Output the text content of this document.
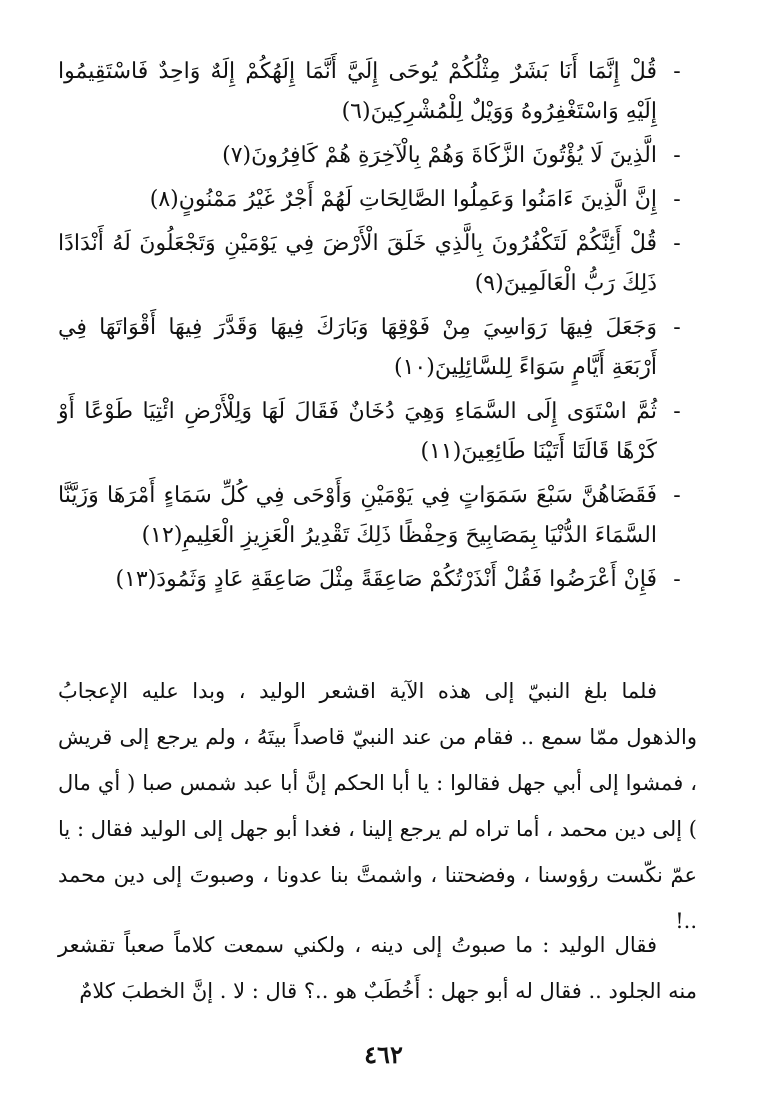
-
قُلْ إِنَّمَا أَنَا بَشَرٌ مِثْلُكُمْ يُوحَى إِلَيَّ أَنَّمَا إِلَهُكُمْ إِلَهٌ وَاحِدٌ فَاسْتَقِيمُوا إِلَيْهِ وَاسْتَغْفِرُوهُ وَوَيْلٌ لِلْمُشْرِكِينَ(٦)
-
الَّذِينَ لَا يُؤْتُونَ الزَّكَاةَ وَهُمْ بِالْآخِرَةِ هُمْ كَافِرُونَ(٧)
-
إِنَّ الَّذِينَ ءَامَنُوا وَعَمِلُوا الصَّالِحَاتِ لَهُمْ أَجْرٌ غَيْرُ مَمْنُونٍ(٨)
-
قُلْ أَئِنَّكُمْ لَتَكْفُرُونَ بِالَّذِي خَلَقَ الْأَرْضَ فِي يَوْمَيْنِ وَتَجْعَلُونَ لَهُ أَنْدَادًا ذَلِكَ رَبُّ الْعَالَمِينَ(٩)
-
وَجَعَلَ فِيهَا رَوَاسِيَ مِنْ فَوْقِهَا وَبَارَكَ فِيهَا وَقَدَّرَ فِيهَا أَقْوَاتَهَا فِي أَرْبَعَةِ أَيَّامٍ سَوَاءً لِلسَّائِلِينَ(١٠)
-
ثُمَّ اسْتَوَى إِلَى السَّمَاءِ وَهِيَ دُخَانٌ فَقَالَ لَهَا وَلِلْأَرْضِ ائْتِيَا طَوْعًا أَوْ كَرْهًا قَالَتَا أَتَيْنَا طَائِعِينَ(١١)
-
فَقَضَاهُنَّ سَبْعَ سَمَوَاتٍ فِي يَوْمَيْنِ وَأَوْحَى فِي كُلِّ سَمَاءٍ أَمْرَهَا وَزَيَّنَّا السَّمَاءَ الدُّنْيَا بِمَصَابِيحَ وَحِفْظًا ذَلِكَ تَقْدِيرُ الْعَزِيزِ الْعَلِيمِ(١٢)
-
فَإِنْ أَعْرَضُوا فَقُلْ أَنْذَرْتُكُمْ صَاعِقَةً مِثْلَ صَاعِقَةِ عَادٍ وَثَمُودَ(١٣)

فلما بلغ النبيّ إلى هذه الآية اقشعر الوليد ، وبدا عليه الإعجابُ والذهول ممّا سمع .. فقام من عند النبيّ قاصداً بيتَهُ ، ولم يرجع إلى قريش ، فمشوا إلى أبي جهل فقالوا : يا أبا الحكم إنَّ أبا عبد شمس صبا ( أي مال ) إلى دين محمد ، أما تراه لم يرجع إلينا ، فغدا أبو جهل إلى الوليد فقال : يا عمّ نكّست رؤوسنا ، وفضحتنا ، واشمتَّ بنا عدونا ، وصبوتَ إلى دين محمد ..!

فقال الوليد : ما صبوتُ إلى دينه ، ولكني سمعت كلاماً صعباً تقشعر منه الجلود .. فقال له أبو جهل : أَخُطَبٌ هو ..؟ قال : لا . إنَّ الخطبَ كلامٌ

٤٦٢
